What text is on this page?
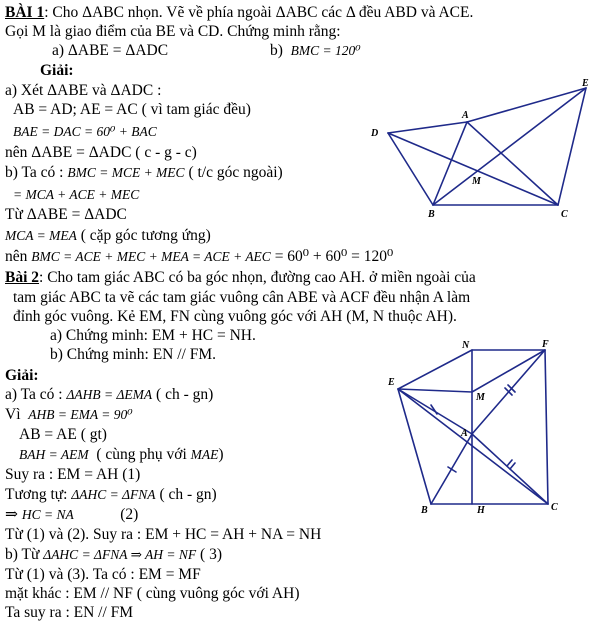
BÀI 1: Cho ΔABC nhọn. Vẽ về phía ngoài ΔABC các Δ đều ABD và ACE.
Gọi M là giao điểm của BE và CD. Chứng minh rằng:
a) ΔABE = ΔADC	b) BMC = 120⁰
Giải:
a) Xét ΔABE và ΔADC :
AB = AD; AE = AC ( vì tam giác đều)
BAE = DAC = 60⁰ + BAC
nên ΔABE = ΔADC ( c - g - c)
b) Ta có : BMC = MCE + MEC ( t/c góc ngoài)
= MCA + ACE + MEC
Từ ΔABE = ΔADC
MCA = MEA ( cặp góc tương ứng)
nên BMC = ACE + MEC + MEA = ACE + AEC = 60⁰ + 60⁰ = 120⁰
E
A
D
M
B	C
Bài 2: Cho tam giác ABC có ba góc nhọn, đường cao AH. ở miền ngoài của
tam giác ABC ta vẽ các tam giác vuông cân ABE và ACF đều nhận A làm
đỉnh góc vuông. Kẻ EM, FN cùng vuông góc với AH (M, N thuộc AH).
a) Chứng minh: EM + HC = NH.
b) Chứng minh: EN // FM.
Giải:
a) Ta có : ΔAHB = ΔEMA ( ch - gn)
Vì AHB = EMA = 90⁰
AB = AE ( gt)
BAH = AEM ( cùng phụ với MAE)
Suy ra : EM = AH (1)
Tương tự: ΔAHC = ΔFNA ( ch - gn)
⇒ HC = NA	(2)
Từ (1) và (2). Suy ra : EM + HC = AH + NA = NH
b) Từ ΔAHC = ΔFNA ⇒ AH = NF ( 3)
Từ (1) và (3). Ta có : EM = MF
mặt khác : EM // NF ( cùng vuông góc với AH)
Ta suy ra : EN // FM
N	F
E
M
A
B	H	C
